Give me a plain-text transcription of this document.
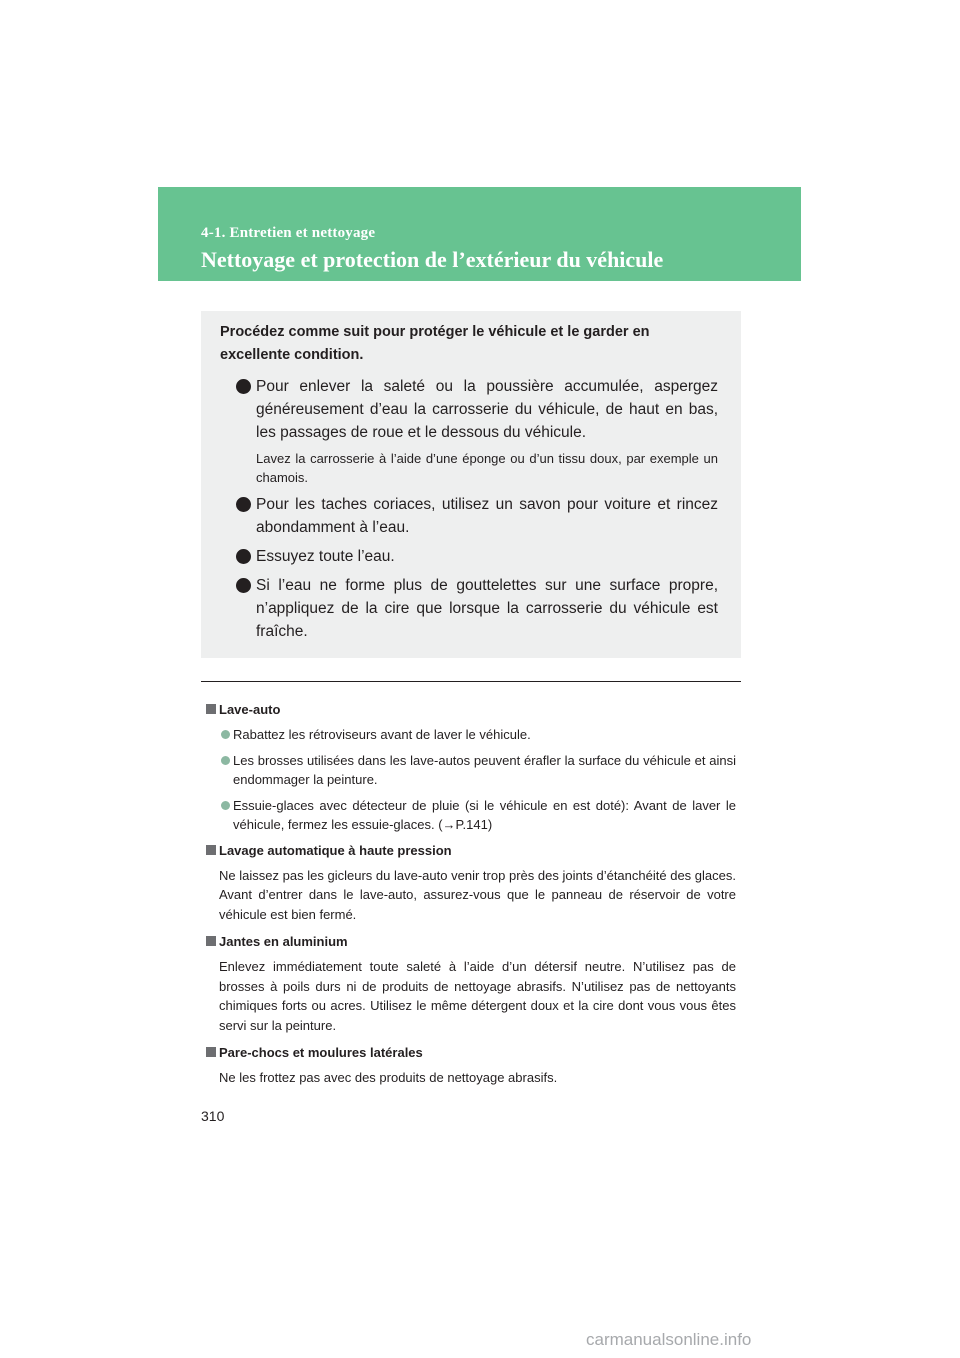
4-1. Entretien et nettoyage
Nettoyage et protection de l’extérieur du véhicule

Procédez comme suit pour protéger le véhicule et le garder en excellente condition.

Pour enlever la saleté ou la poussière accumulée, aspergez généreusement d’eau la carrosserie du véhicule, de haut en bas, les passages de roue et le dessous du véhicule.
Lavez la carrosserie à l’aide d’une éponge ou d’un tissu doux, par exemple un chamois.
Pour les taches coriaces, utilisez un savon pour voiture et rincez abondamment à l’eau.
Essuyez toute l’eau.
Si l’eau ne forme plus de gouttelettes sur une surface propre, n’appliquez de la cire que lorsque la carrosserie du véhicule est fraîche.
Lave-auto
Rabattez les rétroviseurs avant de laver le véhicule.
Les brosses utilisées dans les lave-autos peuvent érafler la surface du véhicule et ainsi endommager la peinture.
Essuie-glaces avec détecteur de pluie (si le véhicule en est doté): Avant de laver le véhicule, fermez les essuie-glaces. (→P.141)
Lavage automatique à haute pression

Ne laissez pas les gicleurs du lave-auto venir trop près des joints d’étanchéité des glaces. Avant d’entrer dans le lave-auto, assurez-vous que le panneau de réservoir de votre véhicule est bien fermé.

Jantes en aluminium

Enlevez immédiatement toute saleté à l’aide d’un détersif neutre. N’utilisez pas de brosses à poils durs ni de produits de nettoyage abrasifs. N’utilisez pas de nettoyants chimiques forts ou acres. Utilisez le même détergent doux et la cire dont vous vous êtes servi sur la peinture.

Pare-chocs et moulures latérales

Ne les frottez pas avec des produits de nettoyage abrasifs.

310
carmanualsonline.info
